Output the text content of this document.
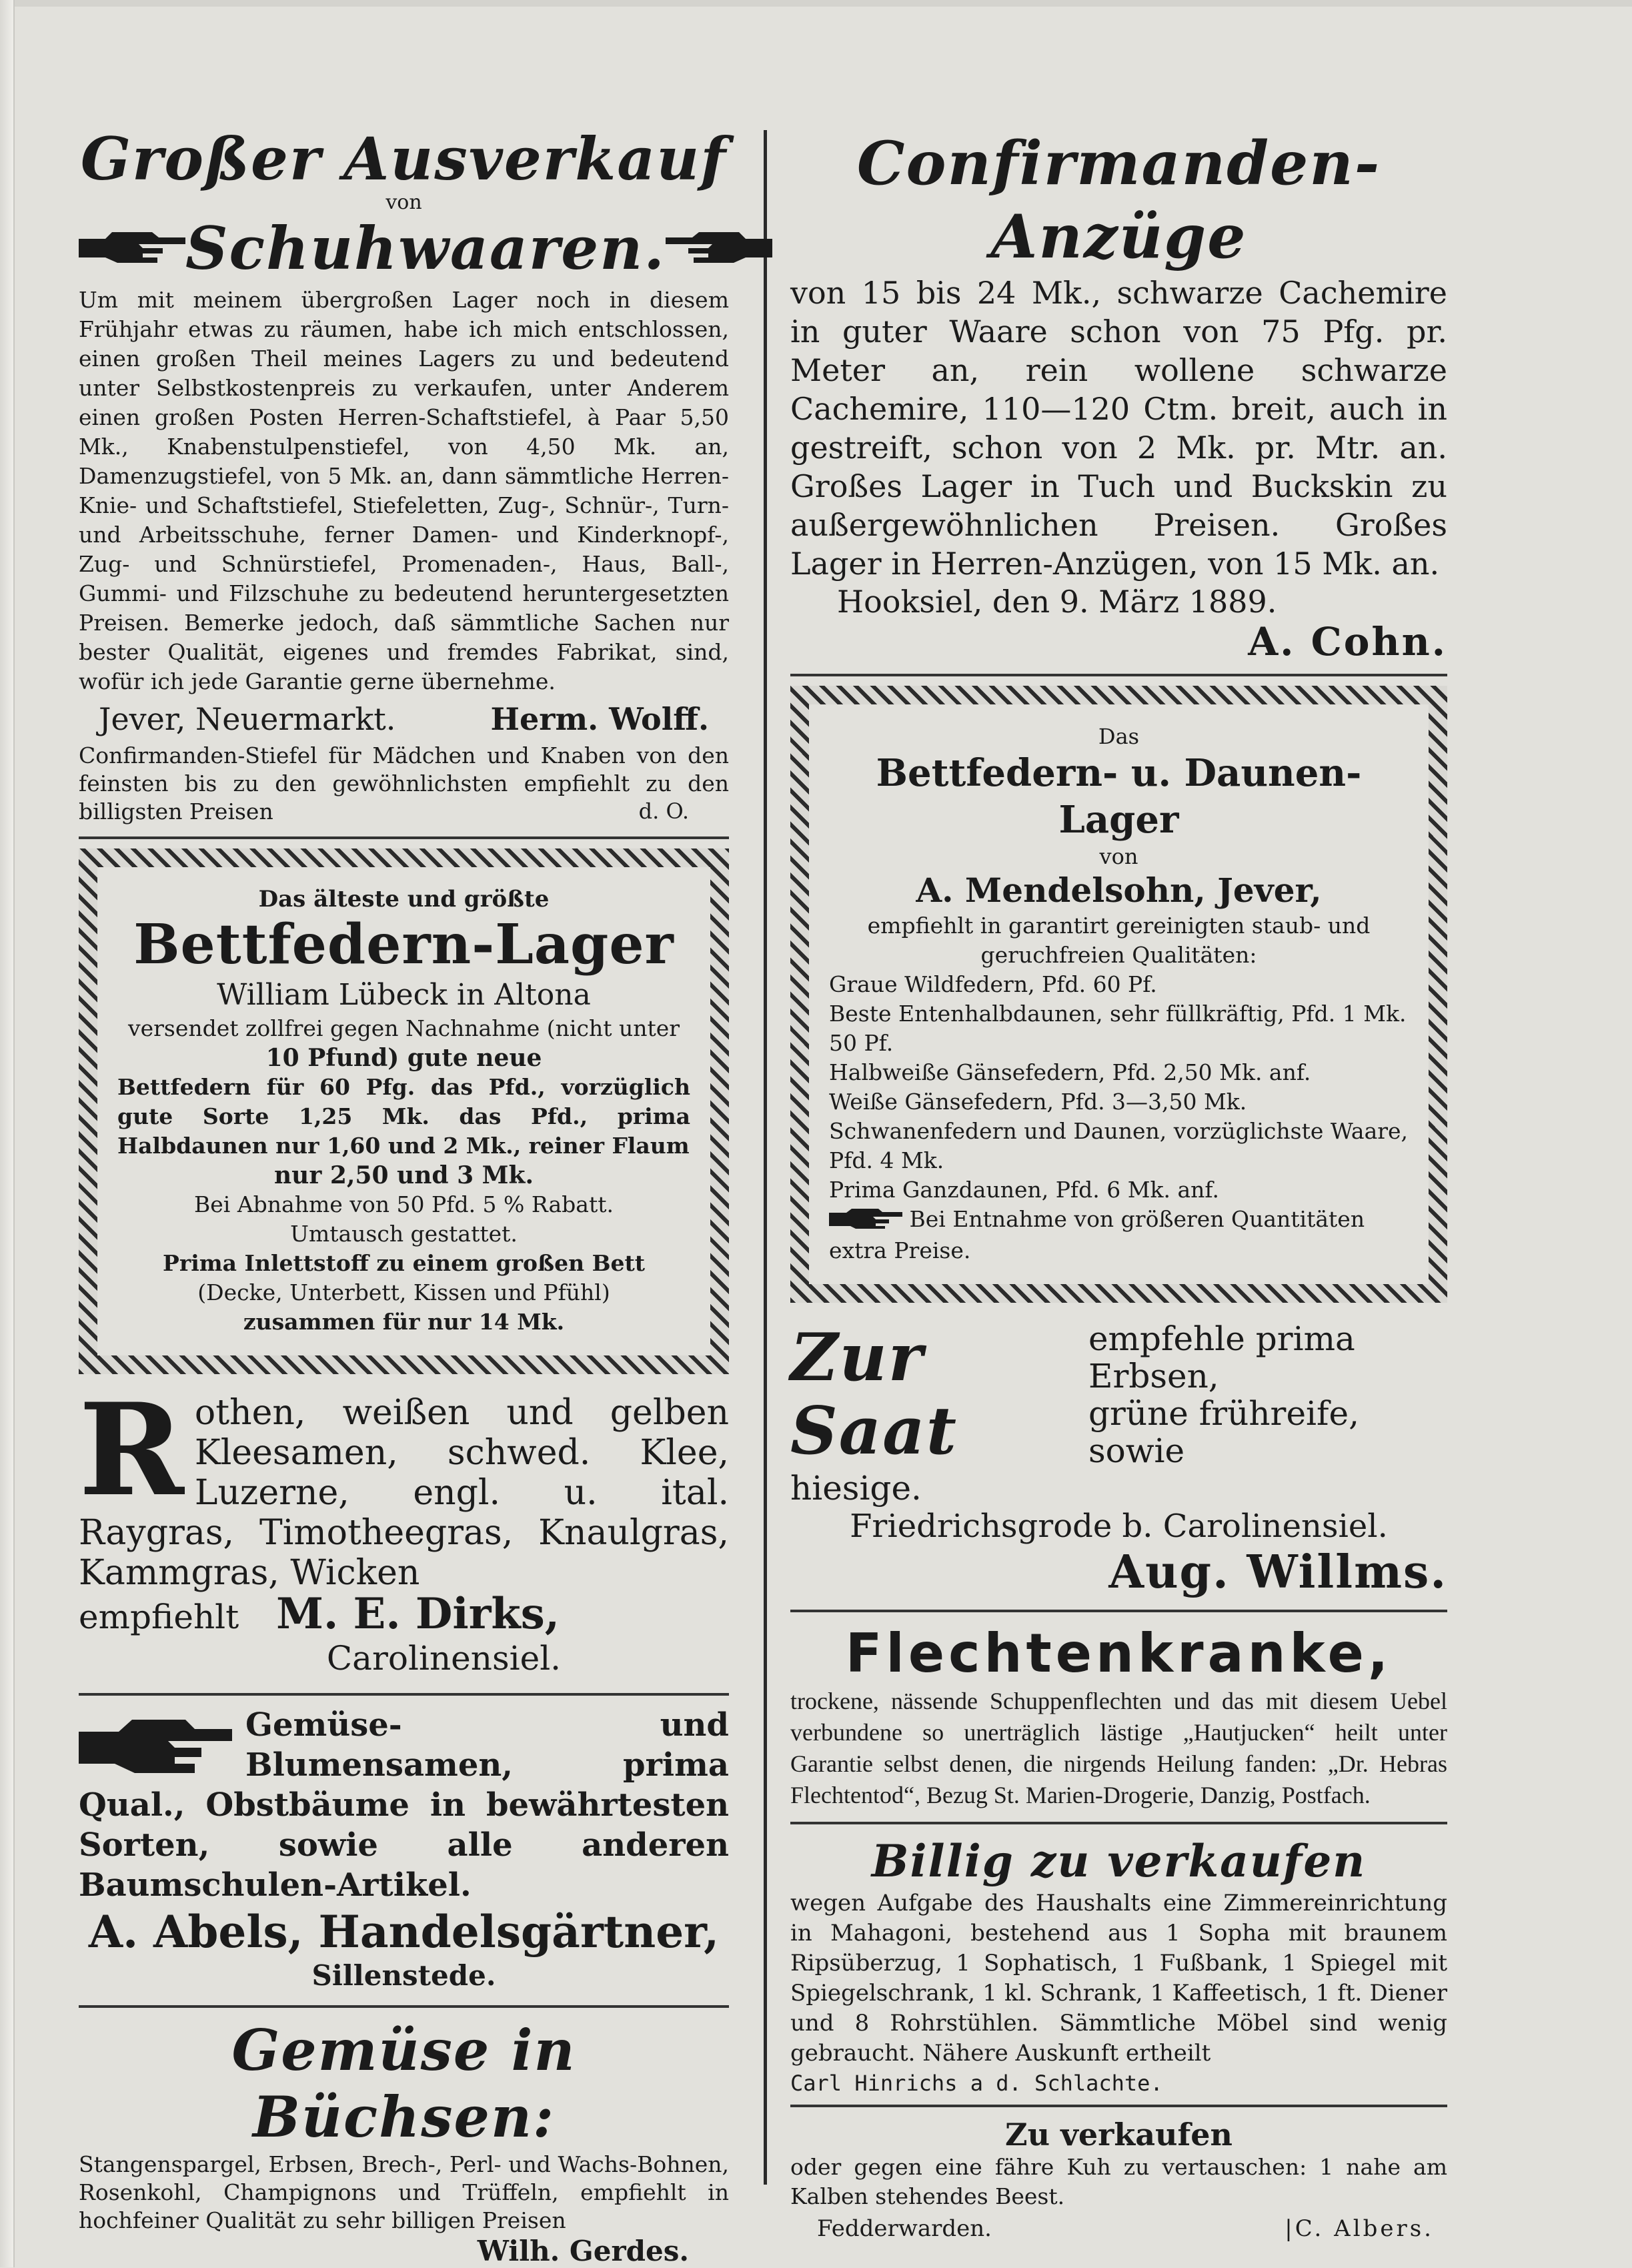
Großer Ausverkauf
von
Schuhwaaren.

Um mit meinem übergroßen Lager noch in diesem Frühjahr etwas zu räumen, habe ich mich entschlossen, einen großen Theil meines Lagers zu und bedeutend unter Selbstkostenpreis zu verkaufen, unter Anderem einen großen Posten Herren-Schaftstiefel, à Paar 5,50 Mk., Knabenstulpenstiefel, von 4,50 Mk. an, Damenzugstiefel, von 5 Mk. an, dann sämmtliche Herren-Knie- und Schaftstiefel, Stiefeletten, Zug-, Schnür-, Turn- und Arbeitsschuhe, ferner Damen- und Kinderknopf-, Zug- und Schnürstiefel, Promenaden-, Haus, Ball-, Gummi- und Filzschuhe zu bedeutend heruntergesetzten Preisen. Bemerke jedoch, daß sämmtliche Sachen nur bester Qualität, eigenes und fremdes Fabrikat, sind, wofür ich jede Garantie gerne übernehme.

Jever, Neuermarkt.	Herm. Wolff.

Confirmanden-Stiefel für Mädchen und Knaben von den feinsten bis zu den gewöhnlichsten empfiehlt zu den billigsten Preisen	d. O.
Das älteste und größte
Bettfedern-Lager
William Lübeck in Altona
versendet zollfrei gegen Nachnahme (nicht unter
10 Pfund) gute neue

Bettfedern für 60 Pfg. das Pfd., vorzüglich gute Sorte 1,25 Mk. das Pfd., prima Halbdaunen nur 1,60 und 2 Mk., reiner Flaum

nur 2,50 und 3 Mk.
Bei Abnahme von 50 Pfd. 5 % Rabatt.
Umtausch gestattet.
Prima Inlettstoff zu einem großen Bett
(Decke, Unterbett, Kissen und Pfühl)
zusammen für nur 14 Mk.
R othen, weißen und gelben Kleesamen, schwed. Klee, Luzerne, engl. u. ital. Raygras, Timotheegras, Knaulgras, Kammgras, Wicken

empfiehlt M. E. Dirks,
Carolinensiel.

Gemüse- und Blumensamen, prima Qual., Obstbäume in bewährtesten Sorten, sowie alle anderen Baumschulen-Artikel.

A. Abels, Handelsgärtner,
Sillenstede.
Gemüse in Büchsen:

Stangenspargel, Erbsen, Brech-, Perl- und Wachs-Bohnen, Rosenkohl, Champignons und Trüffeln, empfiehlt in hochfeiner Qualität zu sehr billigen Preisen

Wilh. Gerdes.
Confirmanden-Anzüge

von 15 bis 24 Mk., schwarze Cachemire in guter Waare schon von 75 Pfg. pr. Meter an, rein wollene schwarze Cachemire, 110—120 Ctm. breit, auch in gestreift, schon von 2 Mk. pr. Mtr. an. Großes Lager in Tuch und Buckskin zu außergewöhnlichen Preisen. Großes Lager in Herren-Anzügen, von 15 Mk. an.

Hooksiel, den 9. März 1889.
A. Cohn.
Das
Bettfedern- u. Daunen-Lager
von
A. Mendelsohn, Jever,

empfiehlt in garantirt gereinigten staub- und geruchfreien Qualitäten:

Graue Wildfedern, Pfd. 60 Pf.

Beste Entenhalbdaunen, sehr füllkräftig, Pfd. 1 Mk. 50 Pf.

Halbweiße Gänsefedern, Pfd. 2,50 Mk. anf.

Weiße Gänsefedern, Pfd. 3—3,50 Mk.

Schwanenfedern und Daunen, vorzüglichste Waare, Pfd. 4 Mk.

Prima Ganzdaunen, Pfd. 6 Mk. anf.

Bei Entnahme von größeren Quantitäten extra Preise.

Zur Saat
empfehle prima Erbsen,
grüne frühreife, sowie
hiesige.
Friedrichsgrode b. Carolinensiel.
Aug. Willms.
Flechtenkranke,

trockene, nässende Schuppenflechten und das mit diesem Uebel verbundene so unerträglich lästige „Hautjucken“ heilt unter Garantie selbst denen, die nirgends Heilung fanden: „Dr. Hebras Flechtentod“, Bezug St. Marien-Drogerie, Danzig, Postfach.

Billig zu verkaufen

wegen Aufgabe des Haushalts eine Zimmereinrichtung in Mahagoni, bestehend aus 1 Sopha mit braunem Ripsüberzug, 1 Sophatisch, 1 Fußbank, 1 Spiegel mit Spiegelschrank, 1 kl. Schrank, 1 Kaffeetisch, 1 ft. Diener und 8 Rohrstühlen. Sämmtliche Möbel sind wenig gebraucht. Nähere Auskunft ertheilt

Carl Hinrichs a d. Schlachte.
Zu verkaufen

oder gegen eine fähre Kuh zu vertauschen: 1 nahe am Kalben stehendes Beest.

Fedderwarden.	|C. Albers.
